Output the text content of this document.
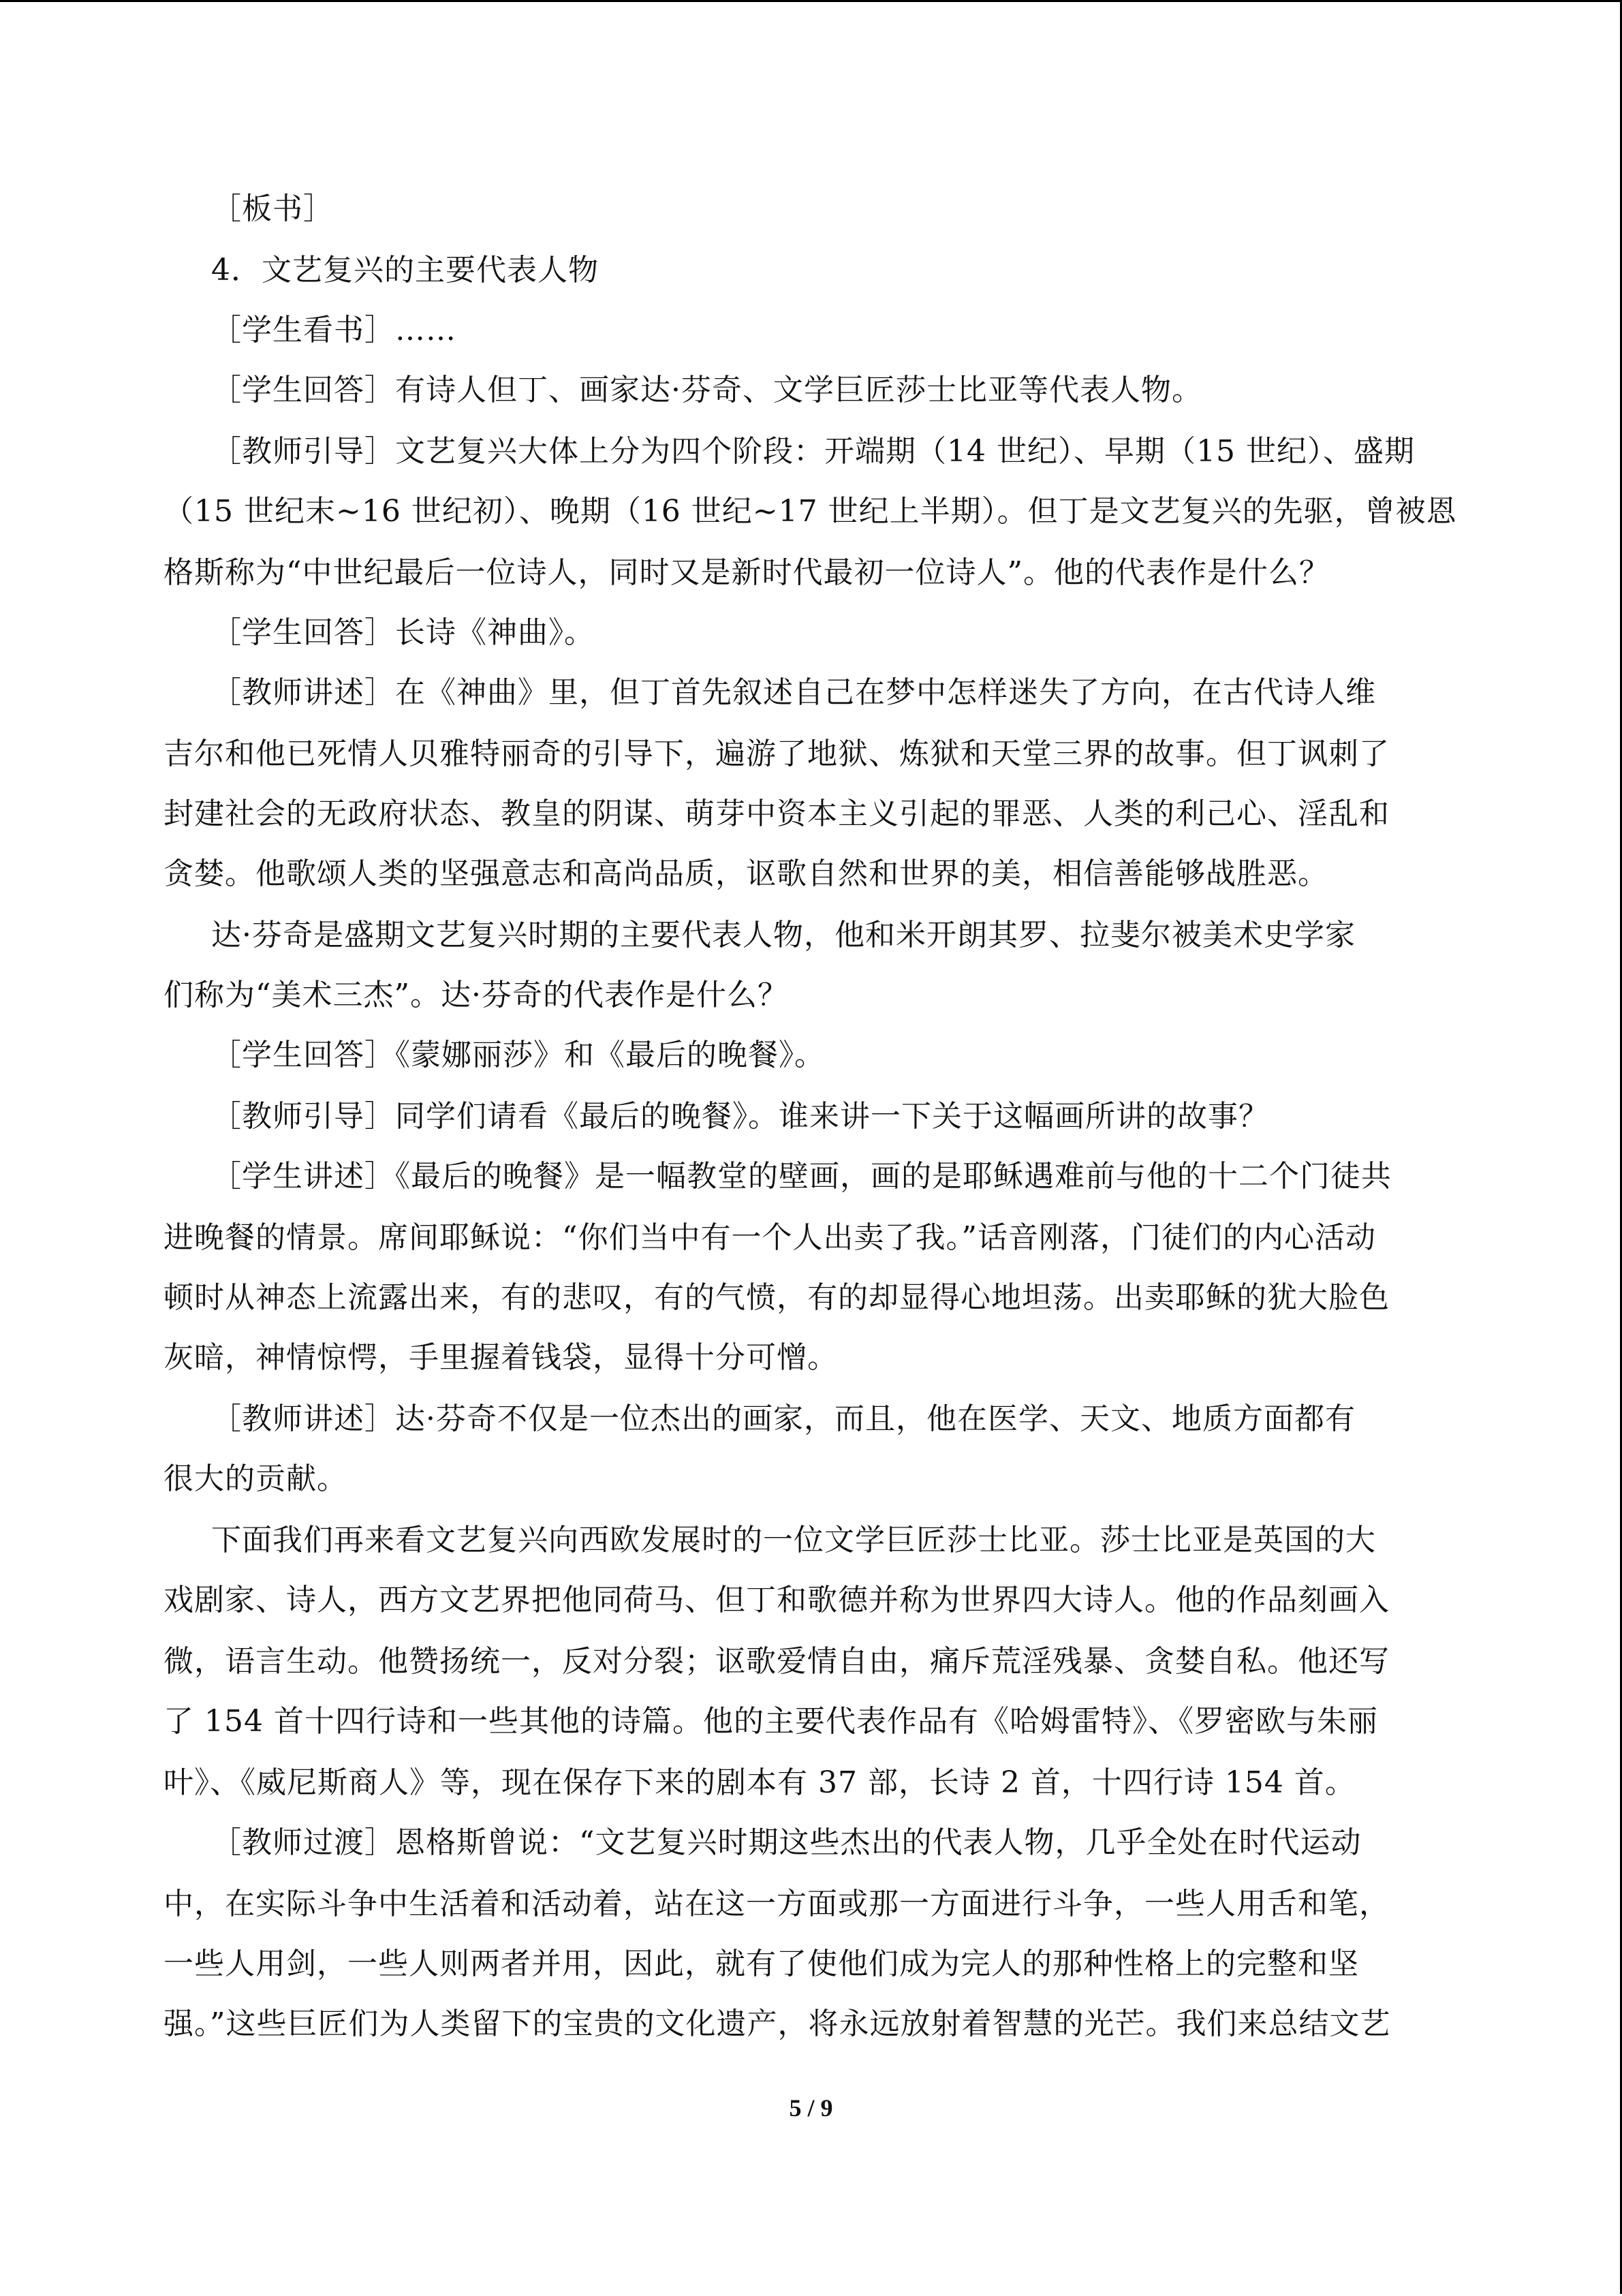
［板书］
4．文艺复兴的主要代表人物
［学生看书］……
［学生回答］有诗人但丁、画家达·芬奇、文学巨匠莎士比亚等代表人物。
［教师引导］文艺复兴大体上分为四个阶段：开端期（14 世纪）、早期（15 世纪）、盛期
（15 世纪末~16 世纪初）、晚期（16 世纪~17 世纪上半期）。但丁是文艺复兴的先驱，曾被恩
格斯称为“中世纪最后一位诗人，同时又是新时代最初一位诗人”。他的代表作是什么？
［学生回答］长诗《神曲》。
［教师讲述］在《神曲》里，但丁首先叙述自己在梦中怎样迷失了方向，在古代诗人维
吉尔和他已死情人贝雅特丽奇的引导下，遍游了地狱、炼狱和天堂三界的故事。但丁讽刺了
封建社会的无政府状态、教皇的阴谋、萌芽中资本主义引起的罪恶、人类的利己心、淫乱和
贪婪。他歌颂人类的坚强意志和高尚品质，讴歌自然和世界的美，相信善能够战胜恶。
达·芬奇是盛期文艺复兴时期的主要代表人物，他和米开朗其罗、拉斐尔被美术史学家
们称为“美术三杰”。达·芬奇的代表作是什么？
［学生回答］《蒙娜丽莎》和《最后的晚餐》。
［教师引导］同学们请看《最后的晚餐》。谁来讲一下关于这幅画所讲的故事？
［学生讲述］《最后的晚餐》是一幅教堂的壁画，画的是耶稣遇难前与他的十二个门徒共
进晚餐的情景。席间耶稣说：“你们当中有一个人出卖了我。”话音刚落，门徒们的内心活动
顿时从神态上流露出来，有的悲叹，有的气愤，有的却显得心地坦荡。出卖耶稣的犹大脸色
灰暗，神情惊愕，手里握着钱袋，显得十分可憎。
［教师讲述］达·芬奇不仅是一位杰出的画家，而且，他在医学、天文、地质方面都有
很大的贡献。
下面我们再来看文艺复兴向西欧发展时的一位文学巨匠莎士比亚。莎士比亚是英国的大
戏剧家、诗人，西方文艺界把他同荷马、但丁和歌德并称为世界四大诗人。他的作品刻画入
微，语言生动。他赞扬统一，反对分裂；讴歌爱情自由，痛斥荒淫残暴、贪婪自私。他还写
了 154 首十四行诗和一些其他的诗篇。他的主要代表作品有《哈姆雷特》、《罗密欧与朱丽
叶》、《威尼斯商人》等，现在保存下来的剧本有 37 部，长诗 2 首，十四行诗 154 首。
［教师过渡］恩格斯曾说：“文艺复兴时期这些杰出的代表人物，几乎全处在时代运动
中，在实际斗争中生活着和活动着，站在这一方面或那一方面进行斗争，一些人用舌和笔，
一些人用剑，一些人则两者并用，因此，就有了使他们成为完人的那种性格上的完整和坚
强。”这些巨匠们为人类留下的宝贵的文化遗产，将永远放射着智慧的光芒。我们来总结文艺
5 / 9
